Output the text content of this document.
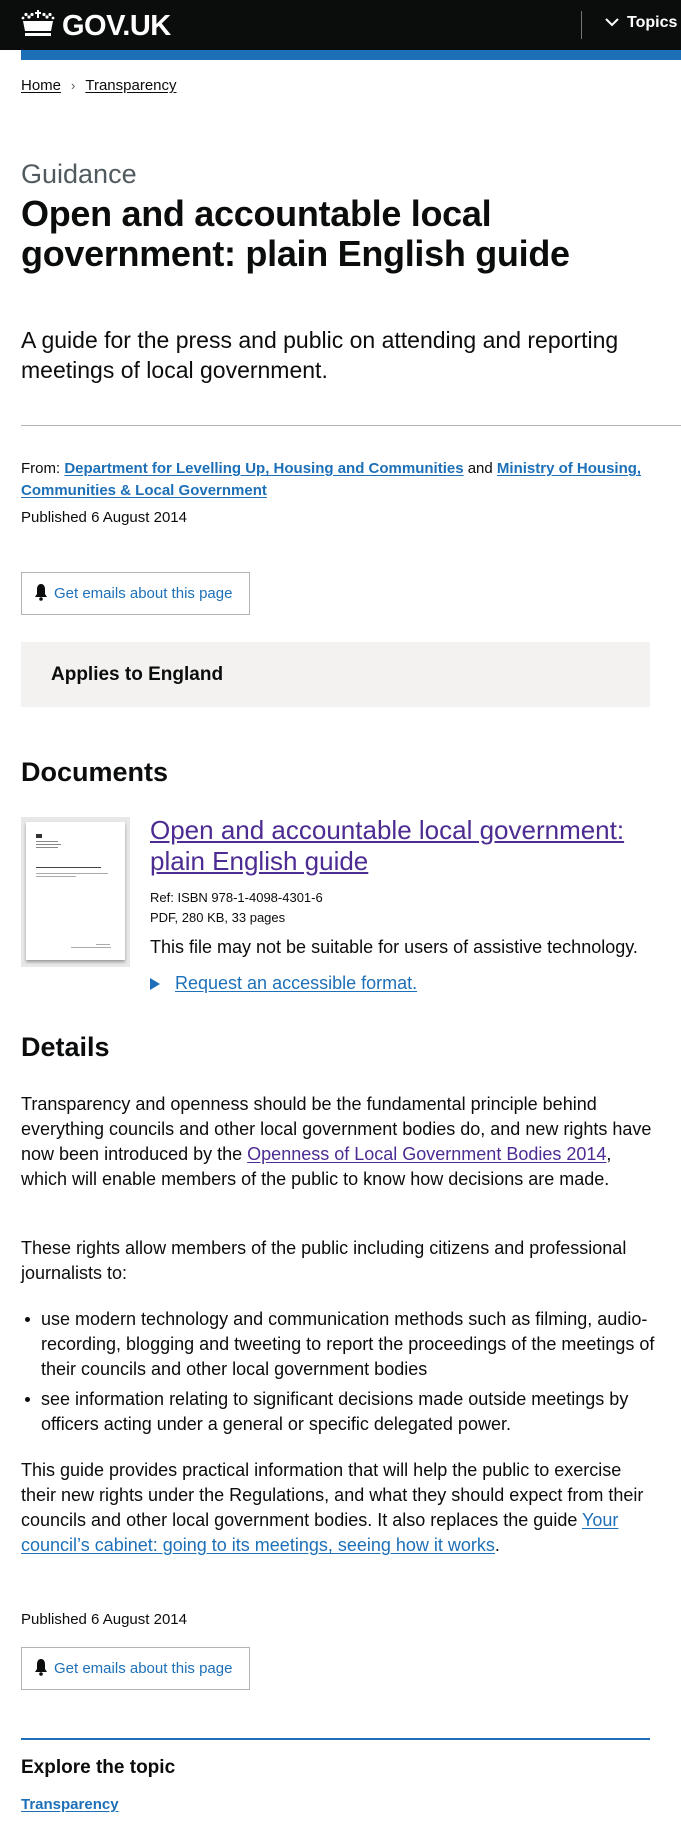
GOV.UK	Topics
Home › Transparency
Guidance
Open and accountable local government: plain English guide

A guide for the press and public on attending and reporting meetings of local government.

From: Department for Levelling Up, Housing and Communities and Ministry of Housing, Communities & Local Government
Published 6 August 2014
Get emails about this page
Applies to England
Documents
Open and accountable local government: plain English guide
Ref: ISBN 978-1-4098-4301-6
PDF, 280 KB, 33 pages

This file may not be suitable for users of assistive technology.

Request an accessible format.
Details

Transparency and openness should be the fundamental principle behind everything councils and other local government bodies do, and new rights have now been introduced by the Openness of Local Government Bodies 2014, which will enable members of the public to know how decisions are made.

These rights allow members of the public including citizens and professional journalists to:

use modern technology and communication methods such as filming, audio-recording, blogging and tweeting to report the proceedings of the meetings of their councils and other local government bodies
see information relating to significant decisions made outside meetings by officers acting under a general or specific delegated power.

This guide provides practical information that will help the public to exercise their new rights under the Regulations, and what they should expect from their councils and other local government bodies. It also replaces the guide Your council’s cabinet: going to its meetings, seeing how it works.

Published 6 August 2014
Get emails about this page
Explore the topic
Transparency
